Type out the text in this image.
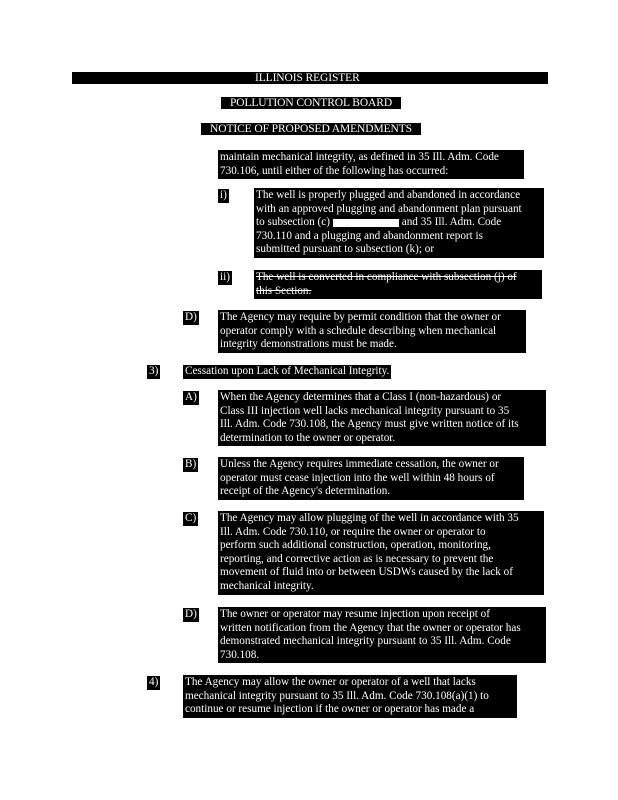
ILLINOIS REGISTER
POLLUTION CONTROL BOARD
NOTICE OF PROPOSED AMENDMENTS
maintain mechanical integrity, as defined in 35 Ill. Adm. Code
730.106, until either of the following has occurred:
i)	The well is properly plugged and abandoned in accordance
with an approved plugging and abandonment plan pursuant
to subsection (c)	and 35 Ill. Adm. Code
730.110 and a plugging and abandonment report is
submitted pursuant to subsection (k); or
ii) The well is converted in compliance with subsection (j) of
this Section.
D) The Agency may require by permit condition that the owner or
operator comply with a schedule describing when mechanical
integrity demonstrations must be made.
3) Cessation upon Lack of Mechanical Integrity.
A) When the Agency determines that a Class I (non-hazardous) or
Class III injection well lacks mechanical integrity pursuant to 35
Ill. Adm. Code 730.108, the Agency must give written notice of its
determination to the owner or operator.
B) Unless the Agency requires immediate cessation, the owner or
operator must cease injection into the well within 48 hours of
receipt of the Agency's determination.
C) The Agency may allow plugging of the well in accordance with 35
Ill. Adm. Code 730.110, or require the owner or operator to
perform such additional construction, operation, monitoring,
reporting, and corrective action as is necessary to prevent the
movement of fluid into or between USDWs caused by the lack of
mechanical integrity.
D) The owner or operator may resume injection upon receipt of
written notification from the Agency that the owner or operator has
demonstrated mechanical integrity pursuant to 35 Ill. Adm. Code
730.108.
4) The Agency may allow the owner or operator of a well that lacks
mechanical integrity pursuant to 35 Ill. Adm. Code 730.108(a)(1) to
continue or resume injection if the owner or operator has made a
